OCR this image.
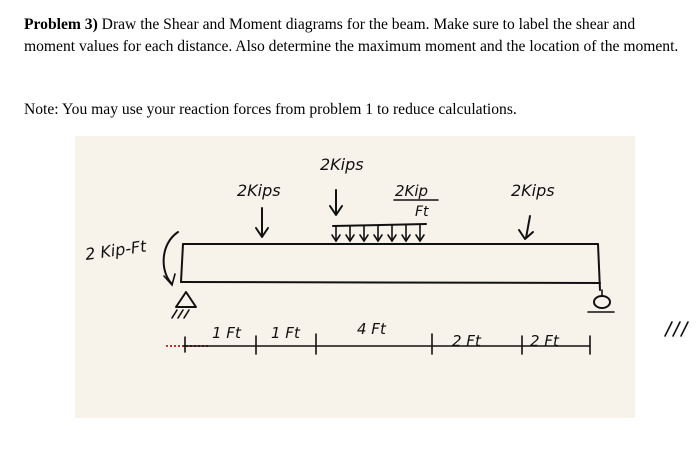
Problem 3) Draw the Shear and Moment diagrams for the beam. Make sure to label the shear and moment values for each distance. Also determine the maximum moment and the location of the moment.

Note: You may use your reaction forces from problem 1 to reduce calculations.

2 Kip-Ft
2Kips
2Kips
2Kip
Ft
2Kips
1 Ft 1 Ft	4 Ft
2 Ft	2 Ft
